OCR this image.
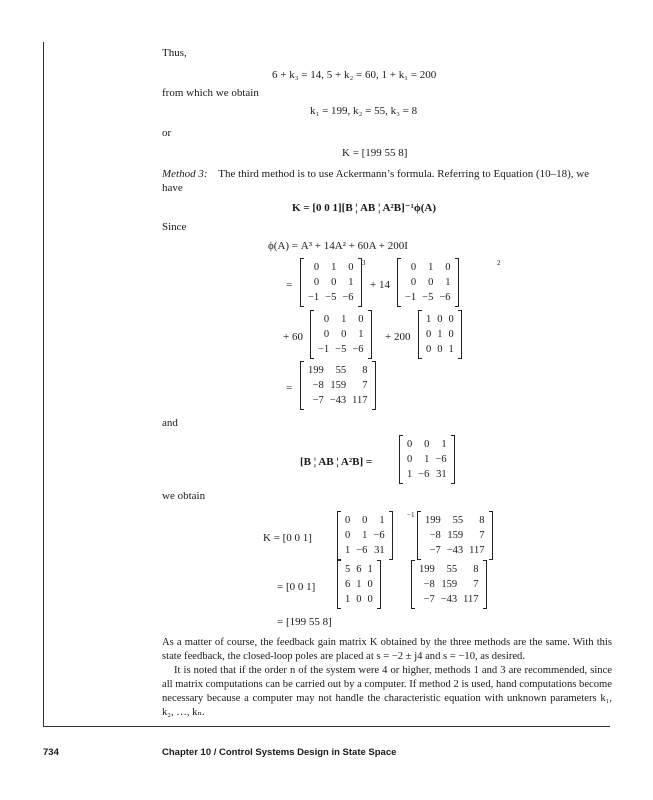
Thus,
6 + k₃ = 14, 5 + k₂ = 60, 1 + k₁ = 200
from which we obtain
k₁ = 199, k₂ = 55, k₃ = 8
or
K = [199 55 8]
Method 3: The third method is to use Ackermann’s formula. Referring to Equation (10–18), we
have
K = [0 0 1][B ¦ AB ¦ A²B]⁻¹ϕ(A)
Since
ϕ(A) = A³ + 14A² + 60A + 200I
=
0	1	0
0	0	1
−1	−5	−6
3
+ 14
0	1	0
0	0	1
−1	−5	−6
2
+ 60
0	1	0
0	0	1
−1	−5	−6
+ 200
1	0	0
0	1	0
0	0	1
=
199	55	8
−8	159	7
−7	−43	117
and
[B ¦ AB ¦ A²B] =
0	0	1
0	1	−6
1	−6	31
we obtain
K = [0 0 1]
0	0	1
0	1	−6
1	−6	31
−1 199	55	8
−8	159	7
−7	−43	117
= [0 0 1]
5	6	1
6	1	0
1	0	0
199	55	8
−8	159	7
−7	−43	117
= [199 55 8]
As a matter of course, the feedback gain matrix K obtained by the three methods are the same. With this state feedback, the closed-loop poles are placed at s = −2 ± j4 and s = −10, as desired.
It is noted that if the order n of the system were 4 or higher, methods 1 and 3 are recommended, since all matrix computations can be carried out by a computer. If method 2 is used, hand computations become necessary because a computer may not handle the characteristic equation with unknown parameters k₁, k₂, …, kₙ.
734	Chapter 10 / Control Systems Design in State Space
